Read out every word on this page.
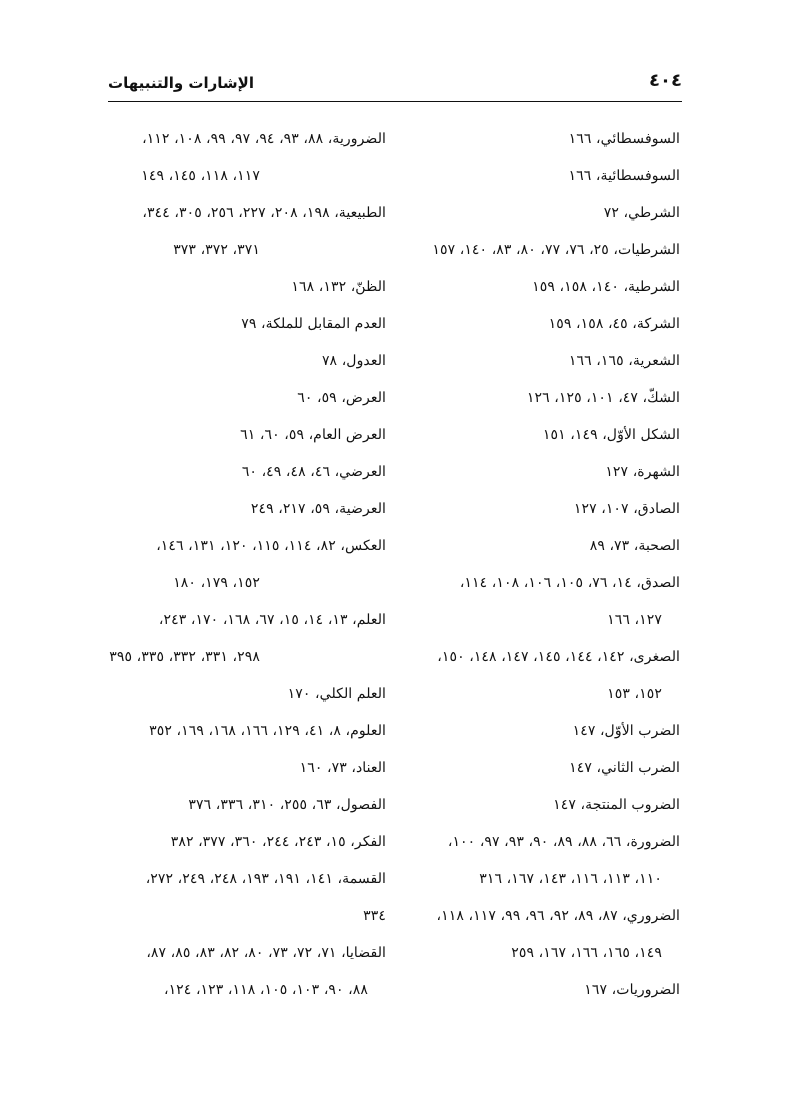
الإشارات والتنبيهات	٤٠٤
السوفسطائي، ١٦٦
السوفسطائية، ١٦٦
الشرطي، ٧٢
الشرطيات، ٢٥، ٧٦، ٧٧، ٨٠، ٨٣، ١٤٠، ١٥٧
الشرطية، ١٤٠، ١٥٨، ١٥٩
الشركة، ٤٥، ١٥٨، ١٥٩
الشعرية، ١٦٥، ١٦٦
الشكّ، ٤٧، ١٠١، ١٢٥، ١٢٦
الشكل الأوّل، ١٤٩، ١٥١
الشهرة، ١٢٧
الصادق، ١٠٧، ١٢٧
الصحبة، ٧٣، ٨٩
الصدق، ١٤، ٧٦، ١٠٥، ١٠٦، ١٠٨، ١١٤،
١٢٧، ١٦٦
الصغرى، ١٤٢، ١٤٤، ١٤٥، ١٤٧، ١٤٨، ١٥٠،
١٥٢، ١٥٣
الضرب الأوّل، ١٤٧
الضرب الثاني، ١٤٧
الضروب المنتجة، ١٤٧
الضرورة، ٦٦، ٨٨، ٨٩، ٩٠، ٩٣، ٩٧، ١٠٠،
١١٠، ١١٣، ١١٦، ١٤٣، ١٦٧، ٣١٦
الضروري، ٨٧، ٨٩، ٩٢، ٩٦، ٩٩، ١١٧، ١١٨،
١٤٩، ١٦٥، ١٦٦، ١٦٧، ٢٥٩
الضروريات، ١٦٧
الضرورية، ٨٨، ٩٣، ٩٤، ٩٧، ٩٩، ١٠٨، ١١٢،
١١٧، ١١٨، ١٤٥، ١٤٩
الطبيعية، ١٩٨، ٢٠٨، ٢٢٧، ٢٥٦، ٣٠٥، ٣٤٤،
٣٧١، ٣٧٢، ٣٧٣
الظنّ، ١٣٢، ١٦٨
العدم المقابل للملكة، ٧٩
العدول، ٧٨
العرض، ٥٩، ٦٠
العرض العام، ٥٩، ٦٠، ٦١
العرضي، ٤٦، ٤٨، ٤٩، ٦٠
العرضية، ٥٩، ٢١٧، ٢٤٩
العكس، ٨٢، ١١٤، ١١٥، ١٢٠، ١٣١، ١٤٦،
١٥٢، ١٧٩، ١٨٠
العلم، ١٣، ١٤، ١٥، ٦٧، ١٦٨، ١٧٠، ٢٤٣،
٢٩٨، ٣٣١، ٣٣٢، ٣٣٥، ٣٩٥
العلم الكلي، ١٧٠
العلوم، ٨، ٤١، ١٢٩، ١٦٦، ١٦٨، ١٦٩، ٣٥٢
العناد، ٧٣، ١٦٠
الفصول، ٦٣، ٢٥٥، ٣١٠، ٣٣٦، ٣٧٦
الفكر، ١٥، ٢٤٣، ٢٤٤، ٣٦٠، ٣٧٧، ٣٨٢
القسمة، ١٤١، ١٩١، ١٩٣، ٢٤٨، ٢٤٩، ٢٧٢،
٣٣٤
القضايا، ٧١، ٧٢، ٧٣، ٨٠، ٨٢، ٨٣، ٨٥، ٨٧،
٨٨، ٩٠، ١٠٣، ١٠٥، ١١٨، ١٢٣، ١٢٤،
